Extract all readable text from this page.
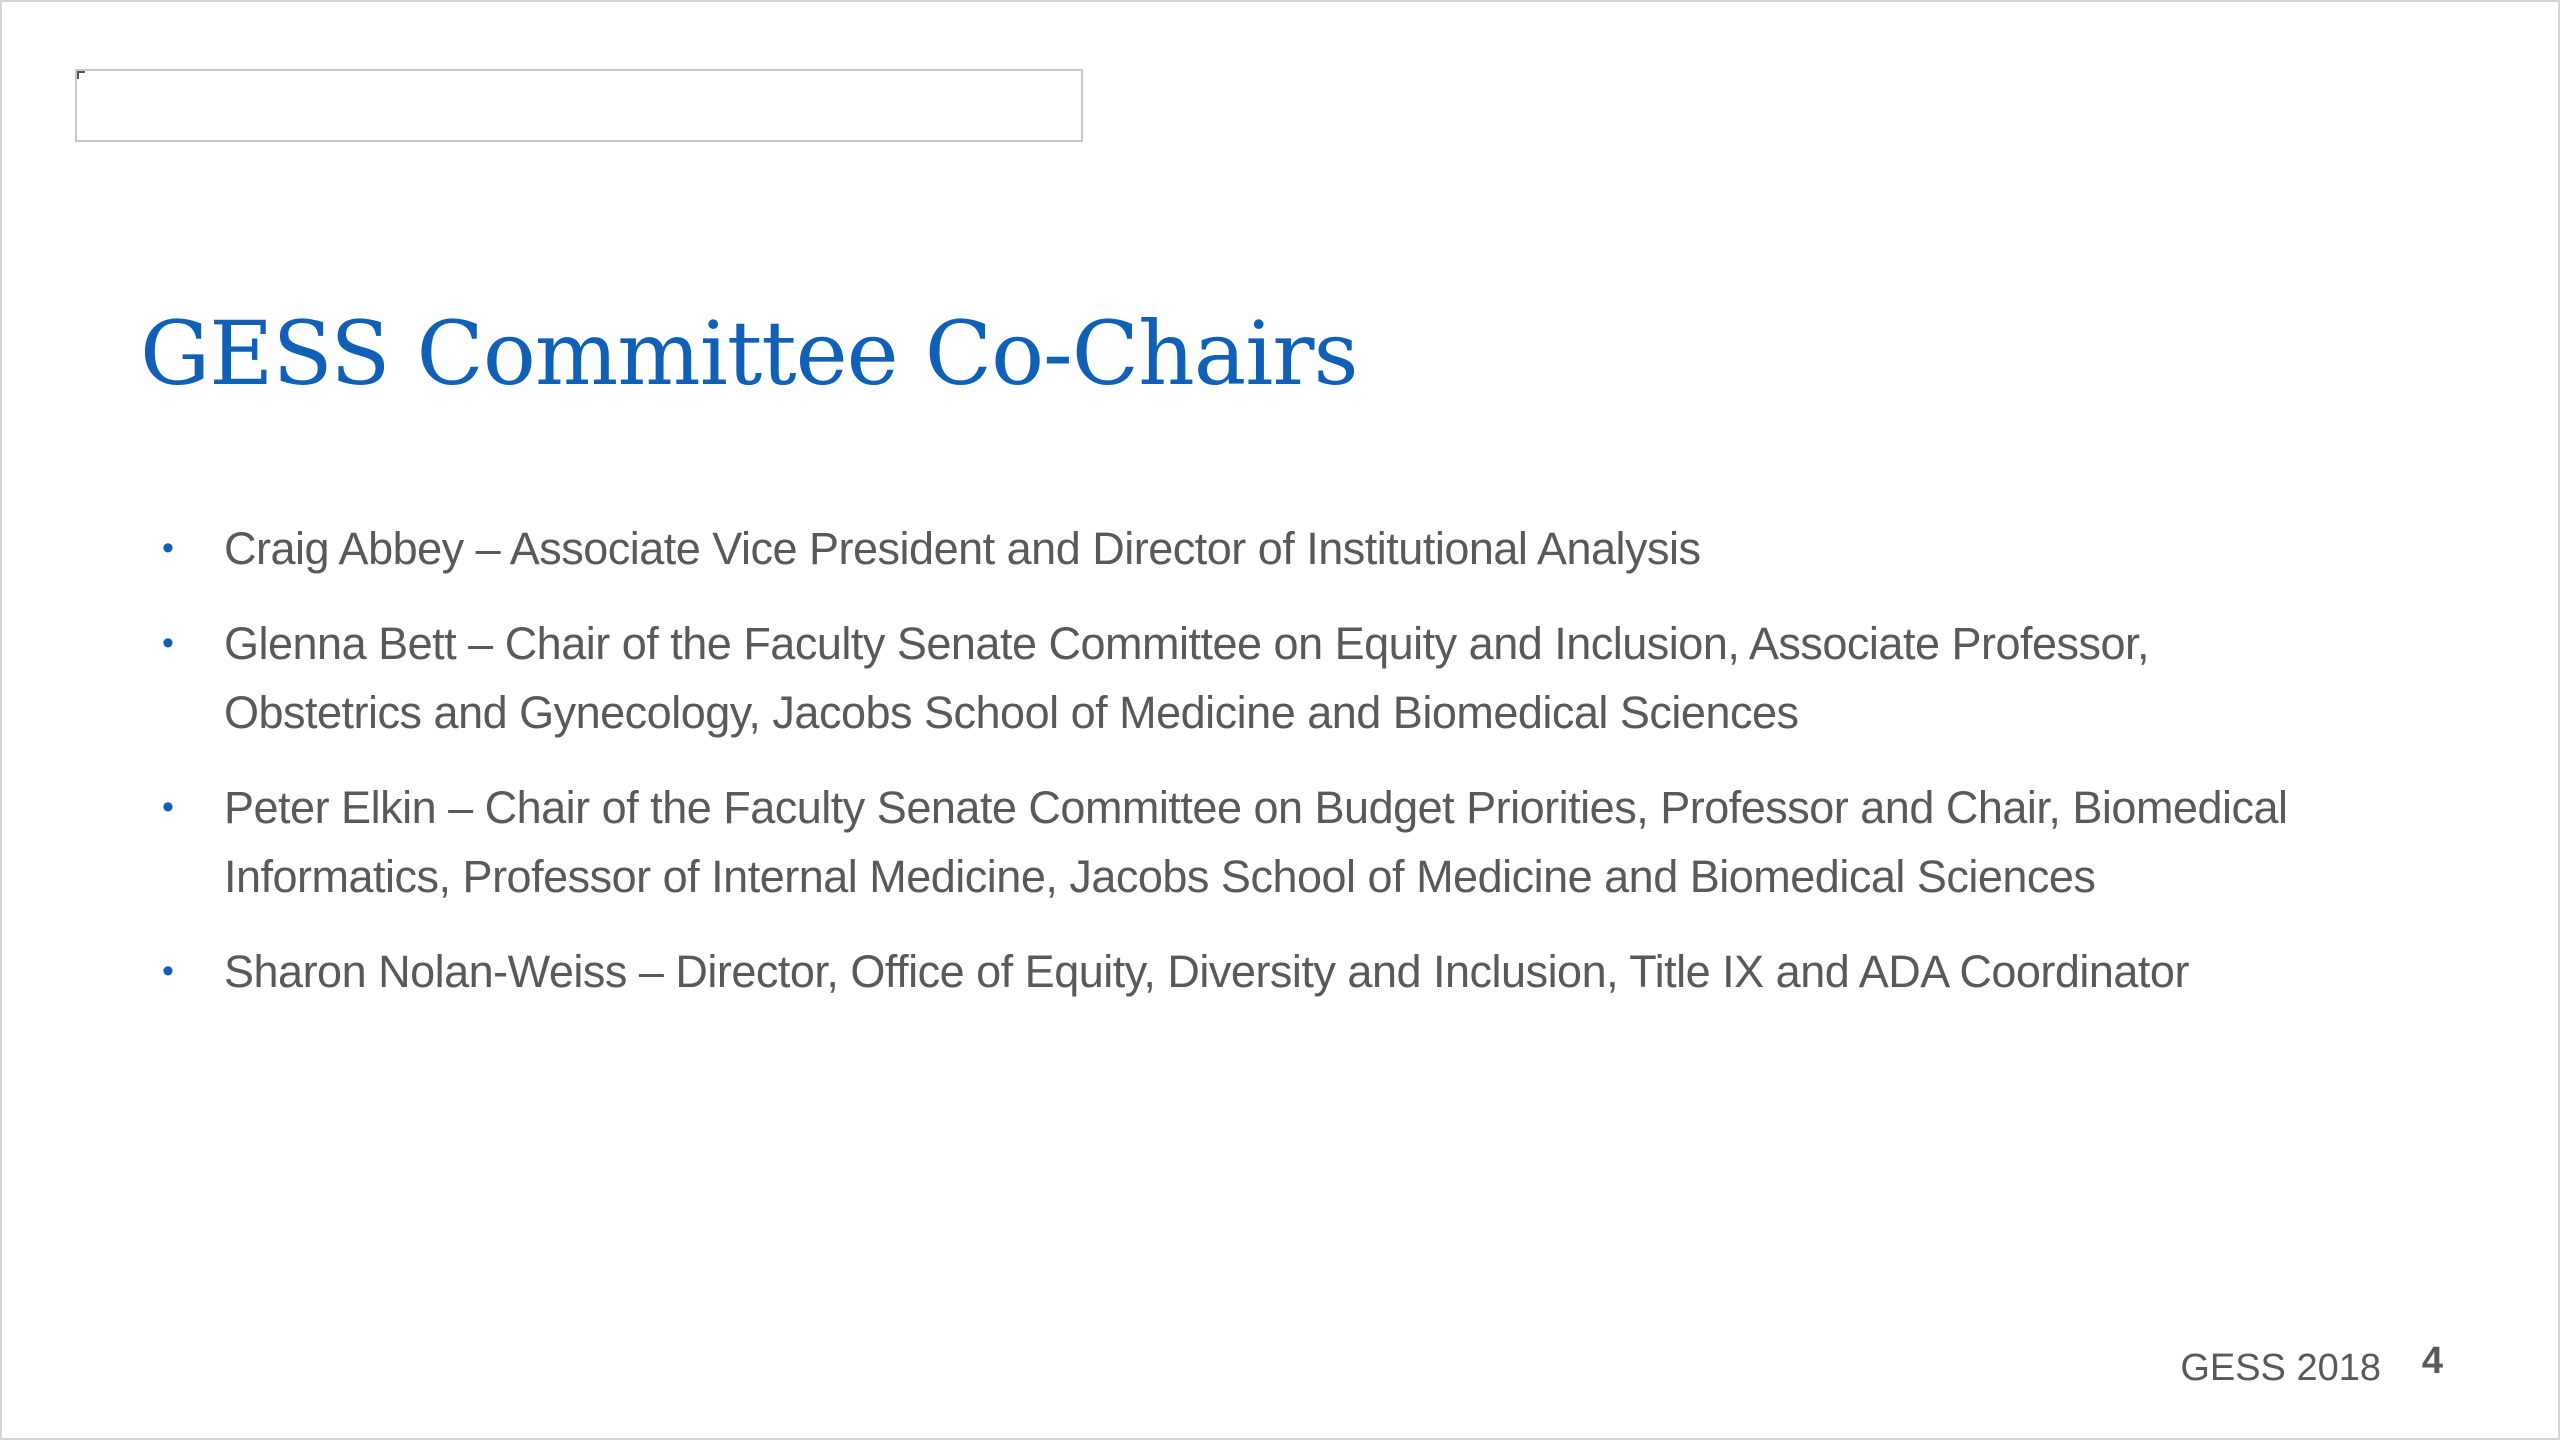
GESS Committee Co-Chairs
• Craig Abbey – Associate Vice President and Director of Institutional Analysis
• Glenna Bett – Chair of the Faculty Senate Committee on Equity and Inclusion, Associate Professor, Obstetrics and Gynecology, Jacobs School of Medicine and Biomedical Sciences
• Peter Elkin – Chair of the Faculty Senate Committee on Budget Priorities, Professor and Chair, Biomedical Informatics, Professor of Internal Medicine, Jacobs School of Medicine and Biomedical Sciences
• Sharon Nolan-Weiss – Director, Office of Equity, Diversity and Inclusion, Title IX and ADA Coordinator
GESS 2018 4
